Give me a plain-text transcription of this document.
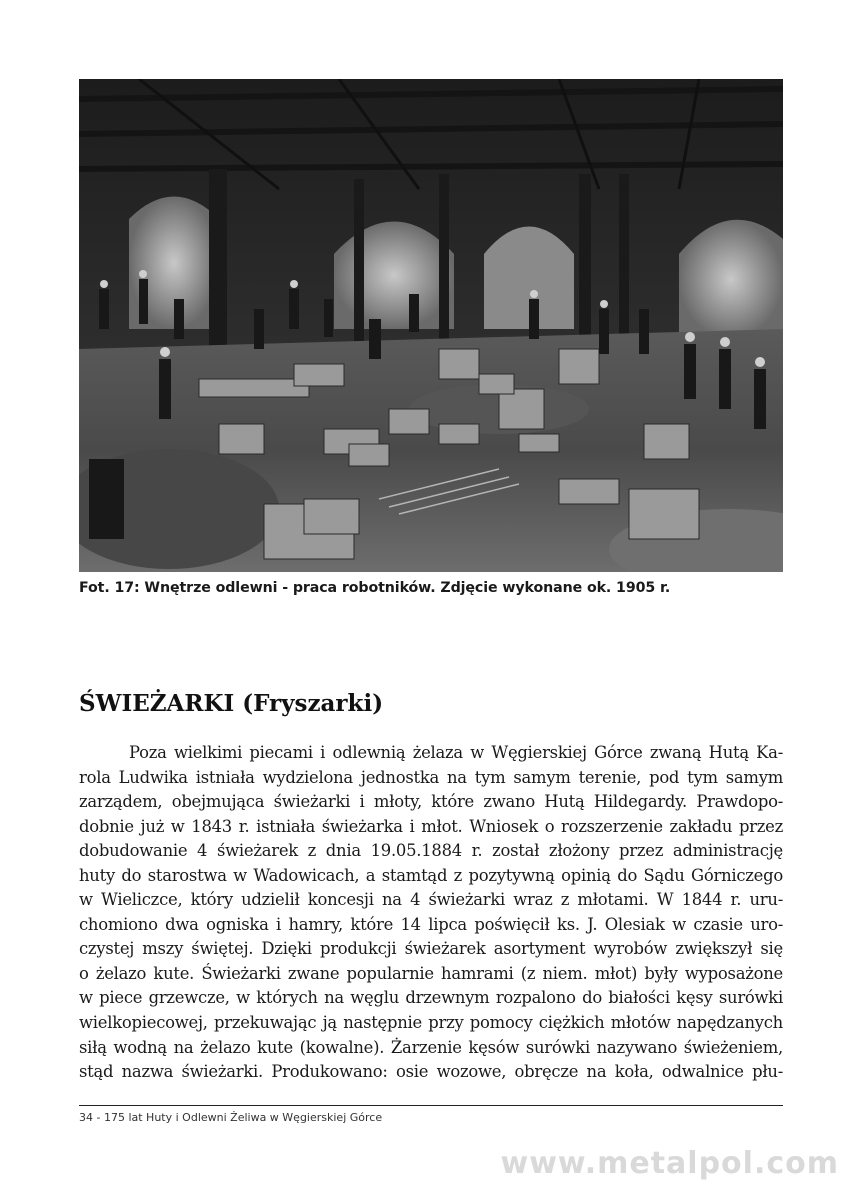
Fot. 17: Wnętrze odlewni - praca robotników. Zdjęcie wykonane ok. 1905 r.
ŚWIEŻARKI (Fryszarki)
Poza wielkimi piecami i odlewnią żelaza w Węgierskiej Górce zwaną Hutą Ka-
rola Ludwika istniała wydzielona jednostka na tym samym terenie, pod tym samym
zarządem, obejmująca świeżarki i młoty, które zwano Hutą Hildegardy. Prawdopo-
dobnie już w 1843 r. istniała świeżarka i młot. Wniosek o rozszerzenie zakładu przez
dobudowanie 4 świeżarek z dnia 19.05.1884 r. został złożony przez administrację
huty do starostwa w Wadowicach, a stamtąd z pozytywną opinią do Sądu Górniczego
w Wieliczce, który udzielił koncesji na 4 świeżarki wraz z młotami. W 1844 r. uru-
chomiono dwa ogniska i hamry, które 14 lipca poświęcił ks. J. Olesiak w czasie uro-
czystej mszy świętej. Dzięki produkcji świeżarek asortyment wyrobów zwiększył się
o żelazo kute. Świeżarki zwane popularnie hamrami (z niem. młot) były wyposażone
w piece grzewcze, w których na węglu drzewnym rozpalono do białości kęsy surówki
wielkopiecowej, przekuwając ją następnie przy pomocy ciężkich młotów napędzanych
siłą wodną na żelazo kute (kowalne). Żarzenie kęsów surówki nazywano świeżeniem,
stąd nazwa świeżarki. Produkowano: osie wozowe, obręcze na koła, odwalnice płu-
34 - 175 lat Huty i Odlewni Żeliwa w Węgierskiej Górce
www.metalpol.com
